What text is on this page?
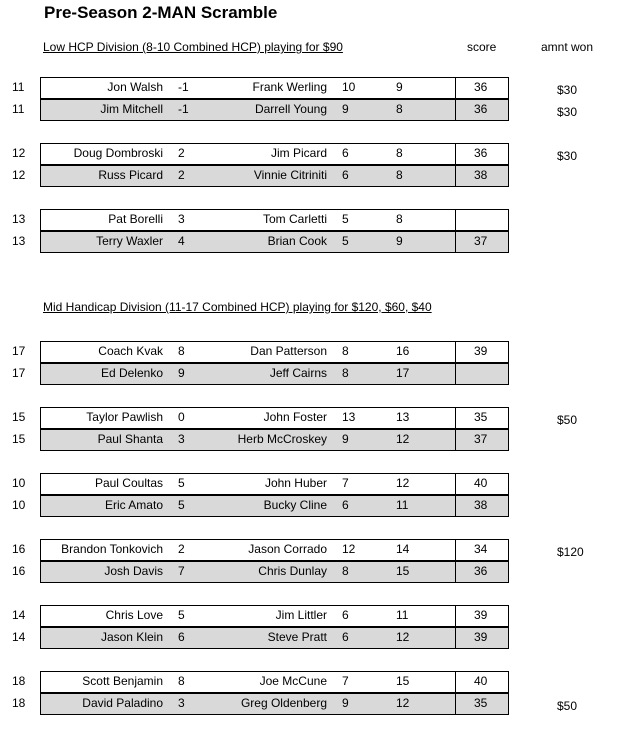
Pre-Season 2-MAN Scramble
Low HCP Division (8-10 Combined HCP) playing for $90	score	amnt won
Mid Handicap Division (11-17 Combined HCP) playing for $120, $60, $40
11	Jon Walsh -1	Frank Werling 10	9	36	$30
11	Jim Mitchell -1	Darrell Young 9	8	36	$30
12	Doug Dombroski 2	Jim Picard 6	8	36	$30
12	Russ Picard 2	Vinnie Citriniti 6	8	38
13	Pat Borelli 3	Tom Carletti 5	8
13	Terry Waxler 4	Brian Cook 5	9	37
17	Coach Kvak 8	Dan Patterson 8	16	39
17	Ed Delenko 9	Jeff Cairns 8	17
15	Taylor Pawlish 0	John Foster 13	13	35	$50
15	Paul Shanta 3	Herb McCroskey 9	12	37
10	Paul Coultas 5	John Huber 7	12	40
10	Eric Amato 5	Bucky Cline 6	11	38
16	Brandon Tonkovich 2	Jason Corrado 12	14	34	$120
16	Josh Davis 7	Chris Dunlay 8	15	36
14	Chris Love 5	Jim Littler 6	11	39
14	Jason Klein 6	Steve Pratt 6	12	39
18	Scott Benjamin 8	Joe McCune 7	15	40
18	David Paladino 3	Greg Oldenberg 9	12	35	$50
